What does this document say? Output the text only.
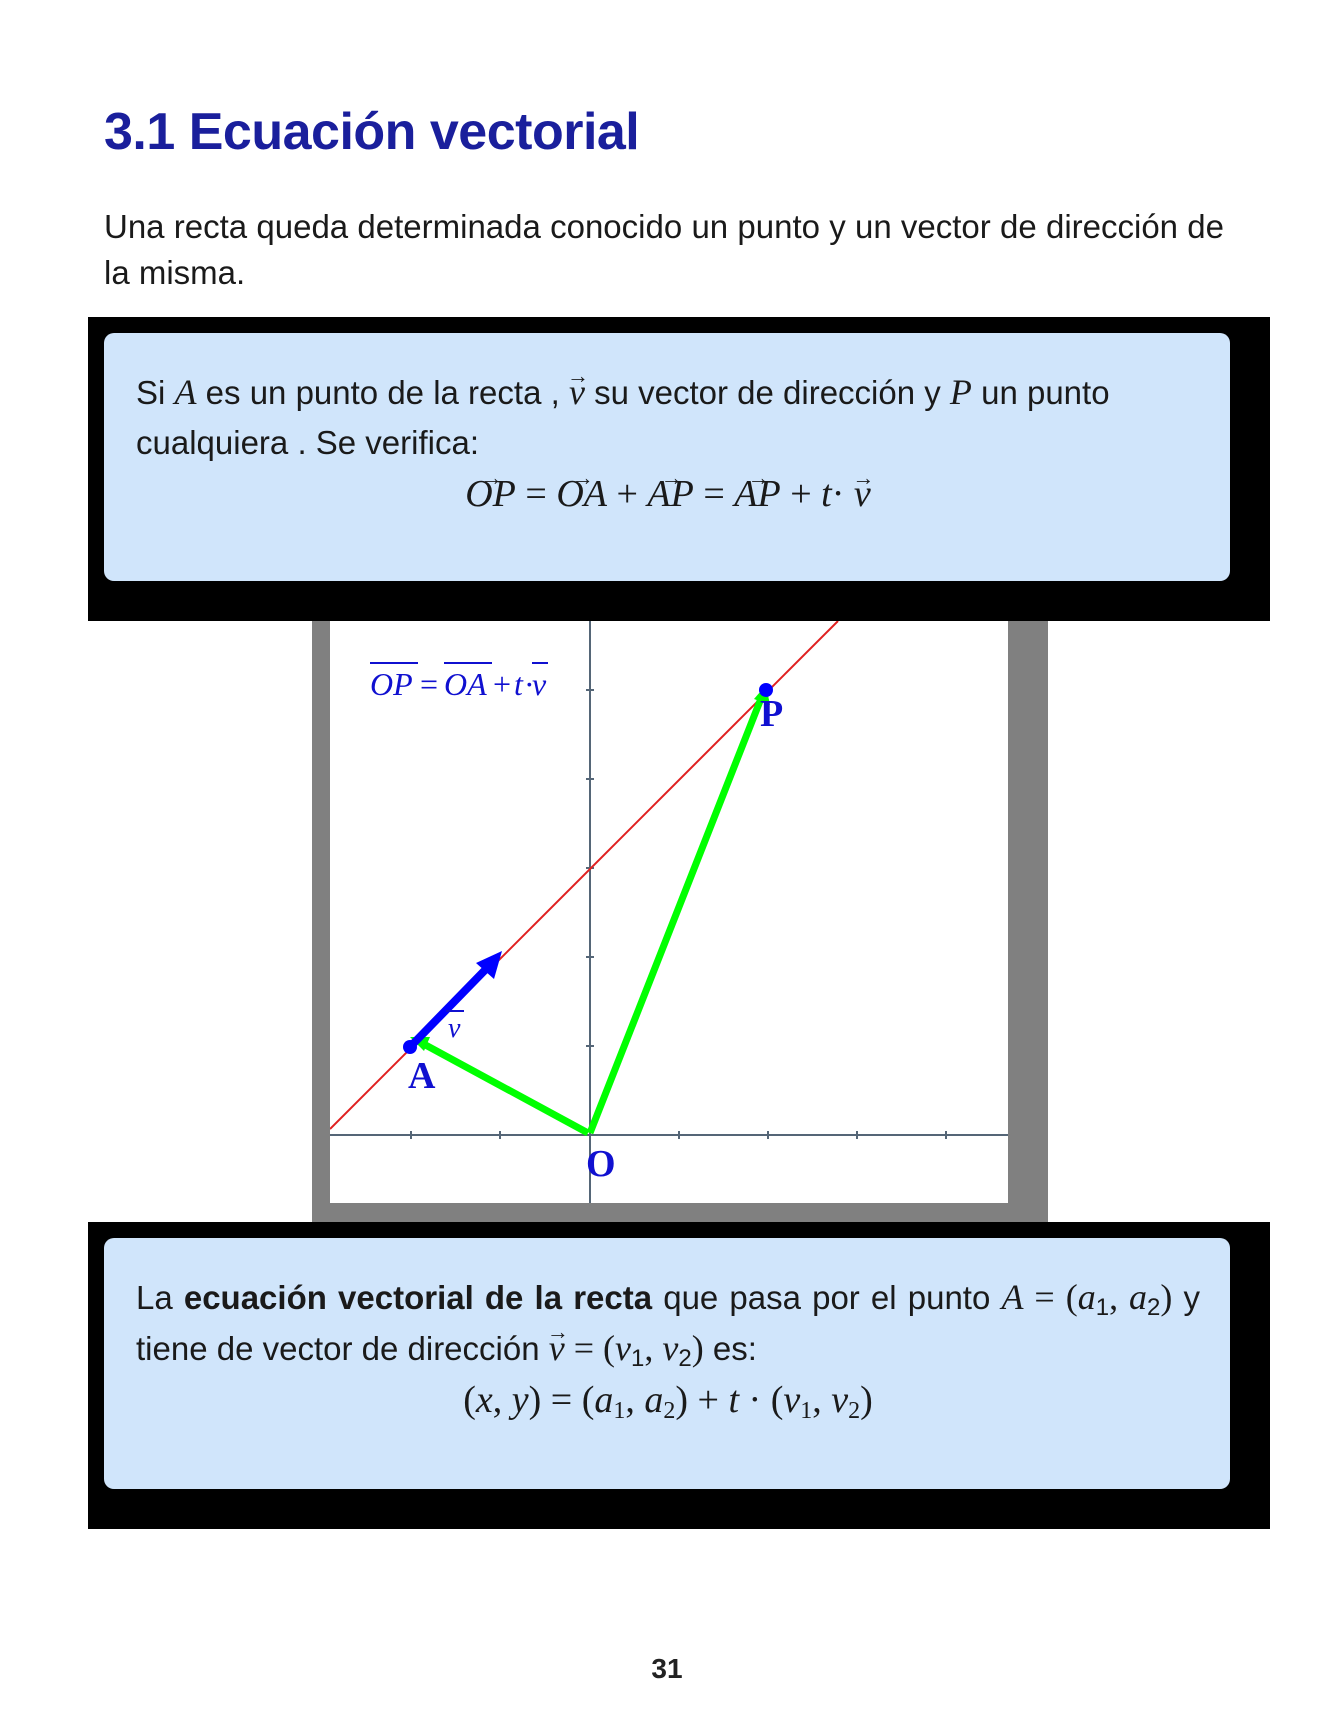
3.1 Ecuación vectorial
Una recta queda determinada conocido un punto y un vector de dirección de la misma.
Si A es un punto de la recta , → v su vector de dirección y P un punto cualquiera . Se verifica:
→ OP = → OA + → AP = → AP + t· → v
A
P
O
v
OP = OA + t ·
v
La ecuación vectorial de la recta que pasa por el punto $A = (a_1$, $a_2$) y tiene de vector de dirección → $v = (v_1$, $v_2$) es:
(x, $y) = (a_1$, $a_2) + t \cdot (v_1$, $v_2$)
31
